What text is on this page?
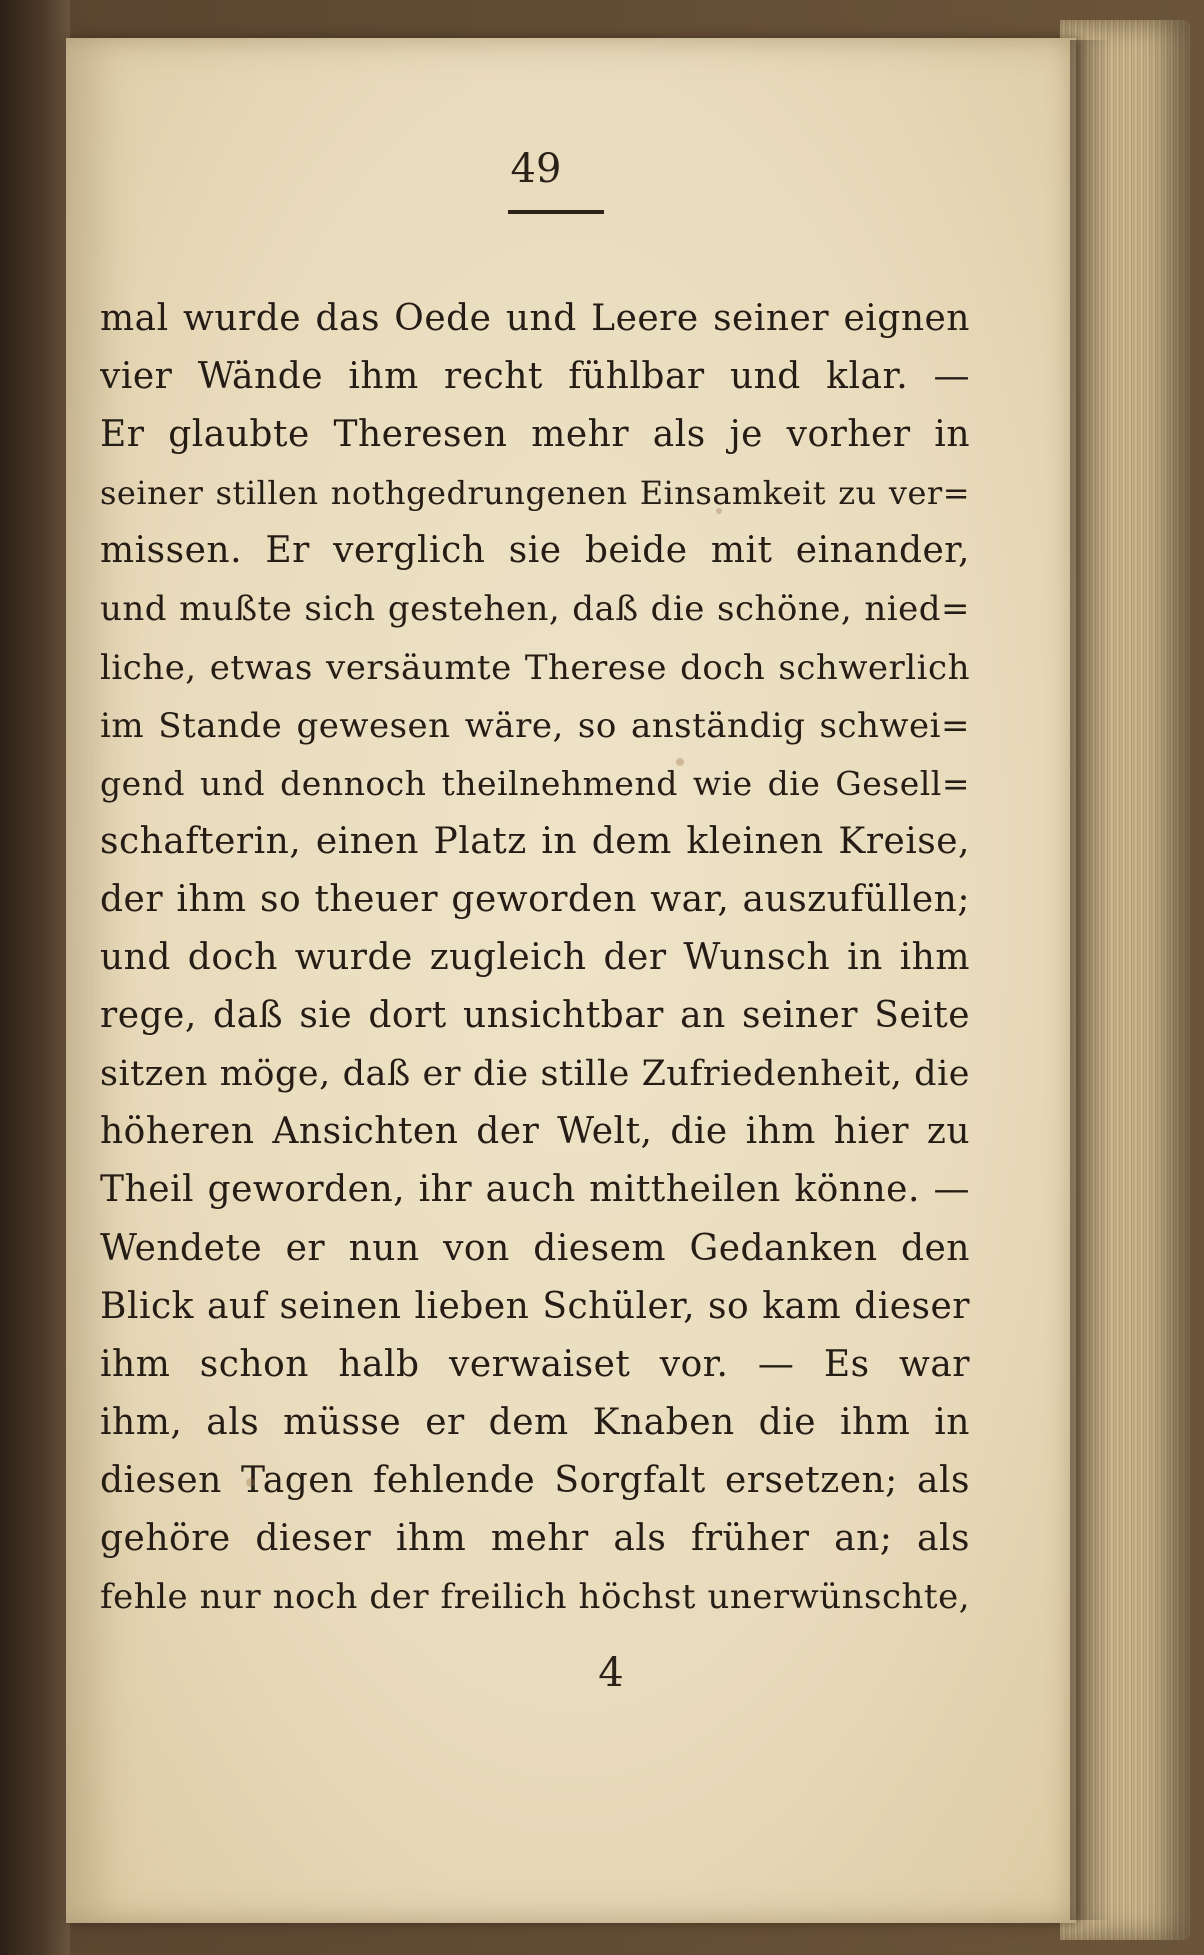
49
mal wurde das Oede und Leere seiner eignen
vier Wände ihm recht fühlbar und klar. —
Er glaubte Theresen mehr als je vorher in
seiner stillen nothgedrungenen Einsamkeit zu ver=
missen. Er verglich sie beide mit einander,
und mußte sich gestehen, daß die schöne, nied=
liche, etwas versäumte Therese doch schwerlich
im Stande gewesen wäre, so anständig schwei=
gend und dennoch theilnehmend wie die Gesell=
schafterin, einen Platz in dem kleinen Kreise,
der ihm so theuer geworden war, auszufüllen;
und doch wurde zugleich der Wunsch in ihm
rege, daß sie dort unsichtbar an seiner Seite
sitzen möge, daß er die stille Zufriedenheit, die
höheren Ansichten der Welt, die ihm hier zu
Theil geworden, ihr auch mittheilen könne. —
Wendete er nun von diesem Gedanken den
Blick auf seinen lieben Schüler, so kam dieser
ihm schon halb verwaiset vor. — Es war
ihm, als müsse er dem Knaben die ihm in
diesen Tagen fehlende Sorgfalt ersetzen; als
gehöre dieser ihm mehr als früher an; als
fehle nur noch der freilich höchst unerwünschte,
4
